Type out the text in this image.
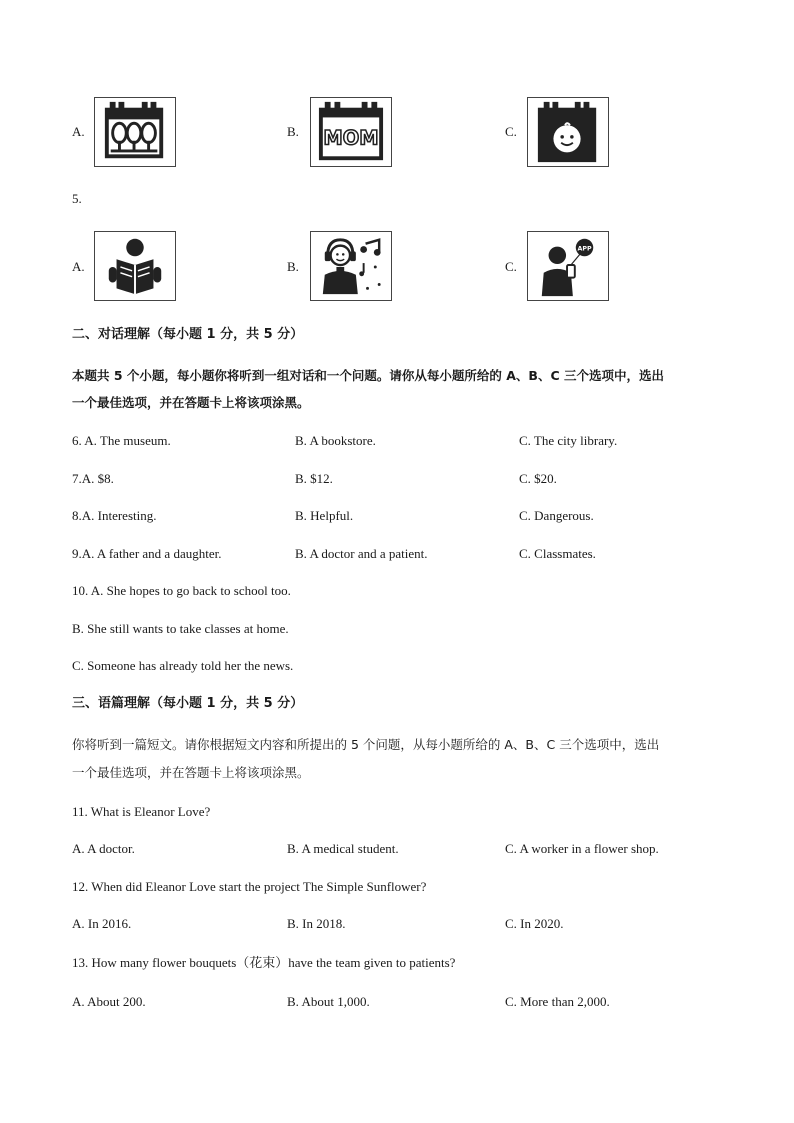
A.	B. MOM	C.
5.
A.	B.	C.
APP
二、对话理解（每小题 1 分，共 5 分）
本题共 5 个小题，每小题你将听到一组对话和一个问题。请你从每小题所给的 A、B、C 三个选项中，选出
一个最佳选项，并在答题卡上将该项涂黑。
6. A. The museum.	B. A bookstore.	C. The city library.
7.A. $8.	B. $12.	C. $20.
8.A. Interesting.	B. Helpful.	C. Dangerous.
9.A. A father and a daughter.	B. A doctor and a patient.	C. Classmates.
10. A. She hopes to go back to school too.
B. She still wants to take classes at home.
C. Someone has already told her the news.
三、语篇理解（每小题 1 分，共 5 分）
你将听到一篇短文。请你根据短文内容和所提出的 5 个问题，从每小题所给的 A、B、C 三个选项中，选出
一个最佳选项，并在答题卡上将该项涂黑。
11. What is Eleanor Love?
A. A doctor.	B. A medical student.	C. A worker in a flower shop.
12. When did Eleanor Love start the project The Simple Sunflower?
A. In 2016.	B. In 2018.	C. In 2020.
13. How many flower bouquets（花束）have the team given to patients?
A. About 200.	B. About 1,000.	C. More than 2,000.
